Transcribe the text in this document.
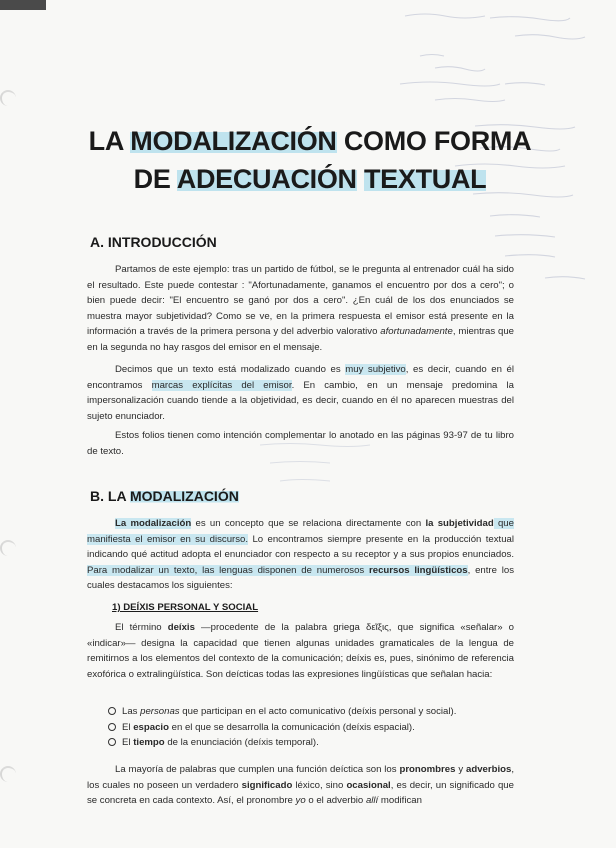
LA MODALIZACIÓN COMO FORMA
DE ADECUACIÓN TEXTUAL
A. INTRODUCCIÓN
Partamos de este ejemplo: tras un partido de fútbol, se le pregunta al entrenador cuál ha sido el resultado. Este puede contestar : "Afortunadamente, ganamos el encuentro por dos a cero"; o bien puede decir: "El encuentro se ganó por dos a cero". ¿En cuál de los dos enunciados se muestra mayor subjetividad? Como se ve, en la primera respuesta el emisor está presente en la información a través de la primera persona y del adverbio valorativo afortunadamente, mientras que en la segunda no hay rasgos del emisor en el mensaje.
Decimos que un texto está modalizado cuando es muy subjetivo, es decir, cuando en él encontramos marcas explícitas del emisor. En cambio, en un mensaje predomina la impersonalización cuando tiende a la objetividad, es decir, cuando en él no aparecen muestras del sujeto enunciador.
Estos folios tienen como intención complementar lo anotado en las páginas 93-97 de tu libro de texto.
B. LA MODALIZACIÓN
La modalización es un concepto que se relaciona directamente con la subjetividad que manifiesta el emisor en su discurso. Lo encontramos siempre presente en la producción textual indicando qué actitud adopta el enunciador con respecto a su receptor y a sus propios enunciados. Para modalizar un texto, las lenguas disponen de numerosos recursos lingüísticos, entre los cuales destacamos los siguientes:
1) DEÍXIS PERSONAL Y SOCIAL
El término deíxis —procedente de la palabra griega δεῖξις, que significa «señalar» o «indicar»— designa la capacidad que tienen algunas unidades gramaticales de la lengua de remitirnos a los elementos del contexto de la comunicación; deíxis es, pues, sinónimo de referencia exofórica o extralingüística. Son deícticas todas las expresiones lingüísticas que señalan hacia:
Las personas que participan en el acto comunicativo (deíxis personal y social).
El espacio en el que se desarrolla la comunicación (deíxis espacial).
El tiempo de la enunciación (deíxis temporal).
La mayoría de palabras que cumplen una función deíctica son los pronombres y adverbios, los cuales no poseen un verdadero significado léxico, sino ocasional, es decir, un significado que se concreta en cada contexto. Así, el pronombre yo o el adverbio allí modifican
